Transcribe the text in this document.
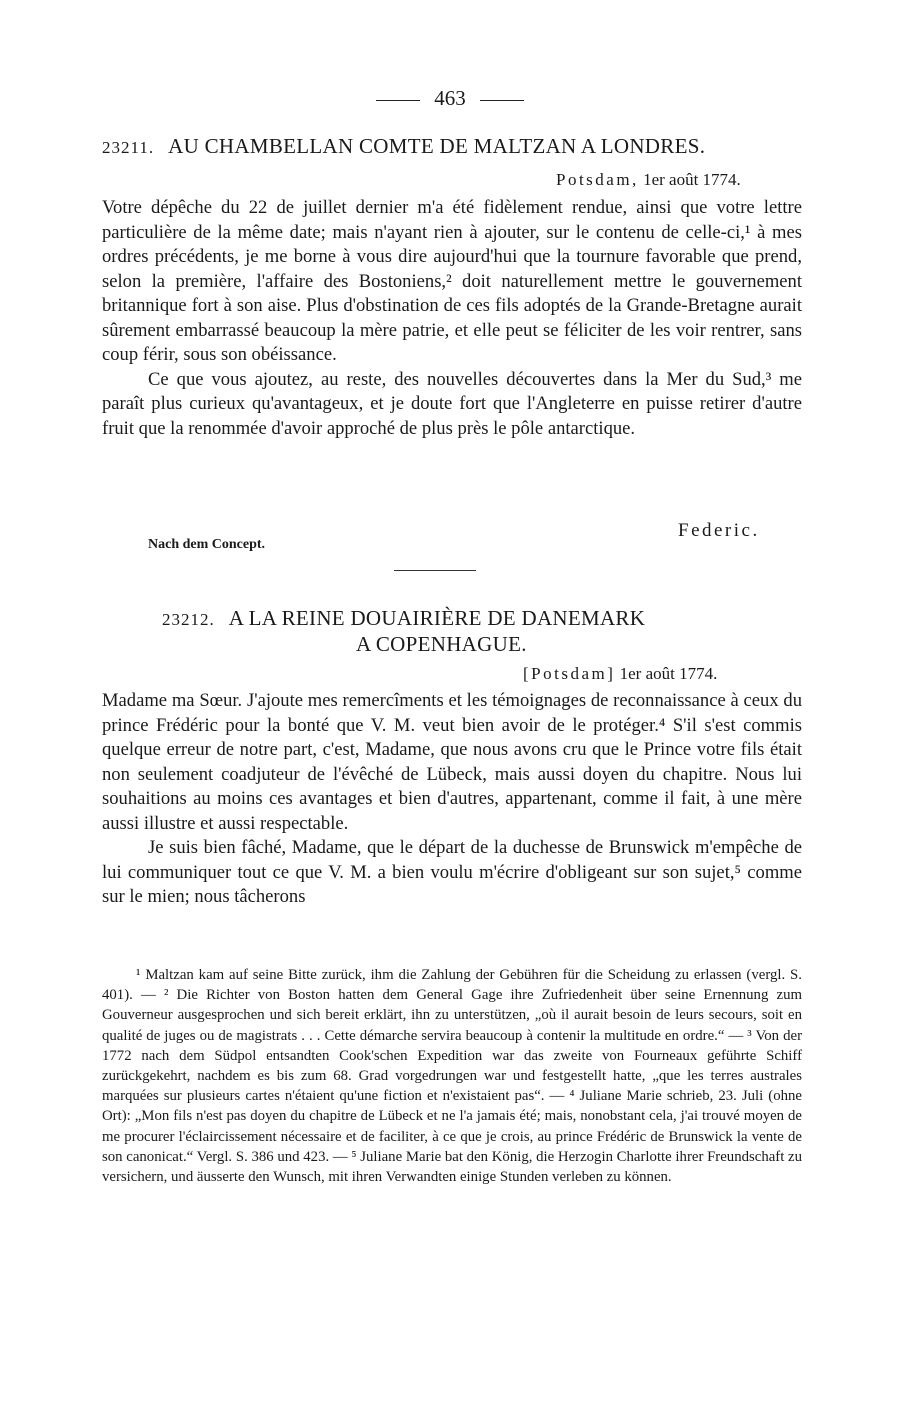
463
23211. AU CHAMBELLAN COMTE DE MALTZAN A LONDRES.
Potsdam, 1er août 1774.

Votre dépêche du 22 de juillet dernier m'a été fidèlement rendue, ainsi que votre lettre particulière de la même date; mais n'ayant rien à ajouter, sur le contenu de celle-ci,¹ à mes ordres précédents, je me borne à vous dire aujourd'hui que la tournure favorable que prend, selon la première, l'affaire des Bostoniens,² doit naturellement mettre le gouvernement britannique fort à son aise. Plus d'obstination de ces fils adoptés de la Grande-Bretagne aurait sûrement embarrassé beaucoup la mère patrie, et elle peut se féliciter de les voir rentrer, sans coup férir, sous son obéissance.

Ce que vous ajoutez, au reste, des nouvelles découvertes dans la Mer du Sud,³ me paraît plus curieux qu'avantageux, et je doute fort que l'Angleterre en puisse retirer d'autre fruit que la renommée d'avoir approché de plus près le pôle antarctique.

Federic.
Nach dem Concept.
23212. A LA REINE DOUAIRIÈRE DE DANEMARK
A COPENHAGUE.
[Potsdam] 1er août 1774.

Madame ma Sœur. J'ajoute mes remercîments et les témoignages de reconnaissance à ceux du prince Frédéric pour la bonté que V. M. veut bien avoir de le protéger.⁴ S'il s'est commis quelque erreur de notre part, c'est, Madame, que nous avons cru que le Prince votre fils était non seulement coadjuteur de l'évêché de Lübeck, mais aussi doyen du chapitre. Nous lui souhaitions au moins ces avantages et bien d'autres, appartenant, comme il fait, à une mère aussi illustre et aussi respectable.

Je suis bien fâché, Madame, que le départ de la duchesse de Brunswick m'empêche de lui communiquer tout ce que V. M. a bien voulu m'écrire d'obligeant sur son sujet,⁵ comme sur le mien; nous tâcherons

¹ Maltzan kam auf seine Bitte zurück, ihm die Zahlung der Gebühren für die Scheidung zu erlassen (vergl. S. 401). — ² Die Richter von Boston hatten dem General Gage ihre Zufriedenheit über seine Ernennung zum Gouverneur ausgesprochen und sich bereit erklärt, ihn zu unterstützen, „où il aurait besoin de leurs secours, soit en qualité de juges ou de magistrats . . . Cette démarche servira beaucoup à contenir la multitude en ordre.“ — ³ Von der 1772 nach dem Südpol entsandten Cook'schen Expedition war das zweite von Fourneaux geführte Schiff zurückgekehrt, nachdem es bis zum 68. Grad vorgedrungen war und festgestellt hatte, „que les terres australes marquées sur plusieurs cartes n'étaient qu'une fiction et n'existaient pas“. — ⁴ Juliane Marie schrieb, 23. Juli (ohne Ort): „Mon fils n'est pas doyen du chapitre de Lübeck et ne l'a jamais été; mais, nonobstant cela, j'ai trouvé moyen de me procurer l'éclaircissement nécessaire et de faciliter, à ce que je crois, au prince Frédéric de Brunswick la vente de son canonicat.“ Vergl. S. 386 und 423. — ⁵ Juliane Marie bat den König, die Herzogin Charlotte ihrer Freundschaft zu versichern, und äusserte den Wunsch, mit ihren Verwandten einige Stunden verleben zu können.
